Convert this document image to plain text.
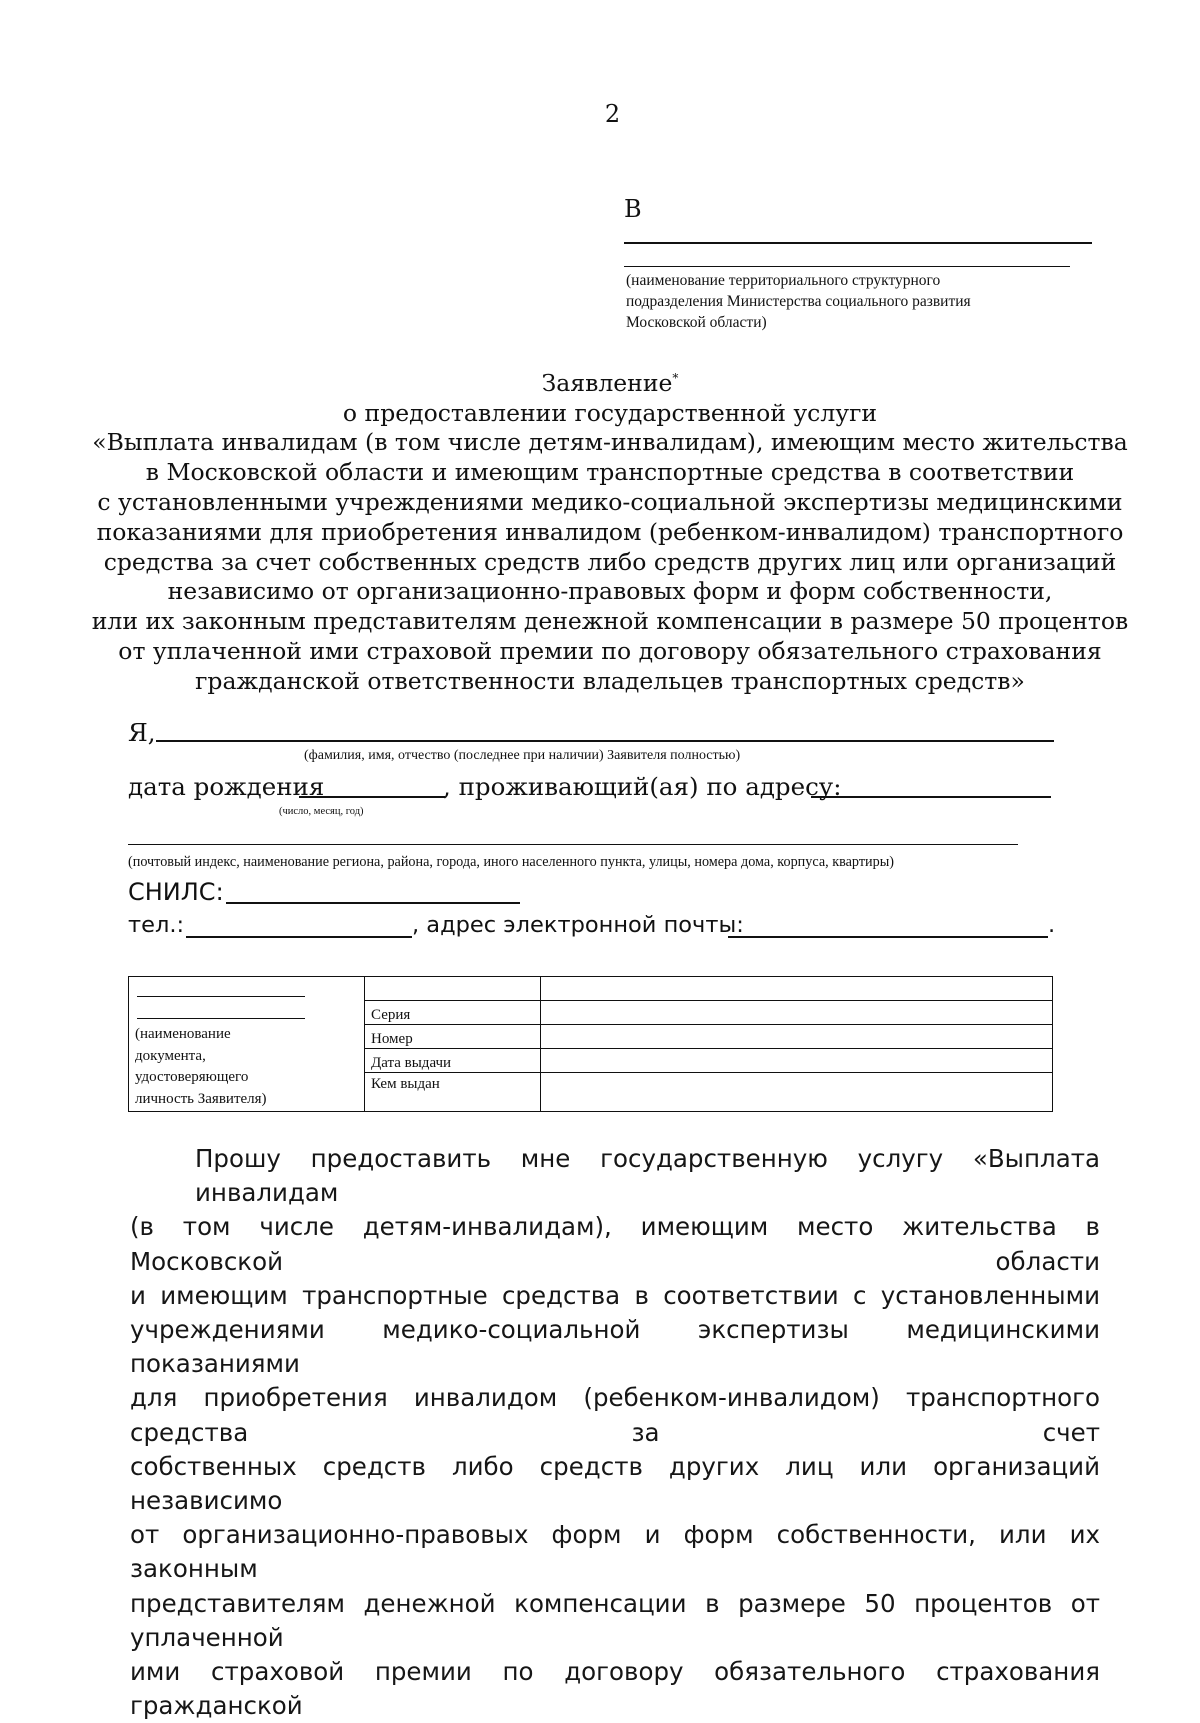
2
В
(наименование территориального структурного
подразделения Министерства социального развития
Московской области)
Заявление*
о предоставлении государственной услуги
«Выплата инвалидам (в том числе детям-инвалидам), имеющим место жительства
в Московской области и имеющим транспортные средства в соответствии
с установленными учреждениями медико-социальной экспертизы медицинскими
показаниями для приобретения инвалидом (ребенком-инвалидом) транспортного
средства за счет собственных средств либо средств других лиц или организаций
независимо от организационно-правовых форм и форм собственности,
или их законным представителям денежной компенсации в размере 50 процентов
от уплаченной ими страховой премии по договору обязательного страхования
гражданской ответственности владельцев транспортных средств»
Я,
(фамилия, имя, отчество (последнее при наличии) Заявителя полностью)
дата рождения	, проживающий(ая) по адресу:
(число, месяц, год)
(почтовый индекс, наименование региона, района, города, иного населенного пункта, улицы, номера дома, корпуса, квартиры)
СНИЛС:
тел.:	, адрес электронной почты:	.
(наименование
документа,
удостоверяющего
личность Заявителя)		

	Серия	
	Номер	
	Дата выдачи	
	Кем выдан	
Прошу предоставить мне государственную услугу «Выплата инвалидам
(в том числе детям-инвалидам), имеющим место жительства в Московской области
и имеющим транспортные средства в соответствии с установленными
учреждениями медико-социальной экспертизы медицинскими показаниями
для приобретения инвалидом (ребенком-инвалидом) транспортного средства за счет
собственных средств либо средств других лиц или организаций независимо
от организационно-правовых форм и форм собственности, или их законным
представителям денежной компенсации в размере 50 процентов от уплаченной
ими страховой премии по договору обязательного страхования гражданской
